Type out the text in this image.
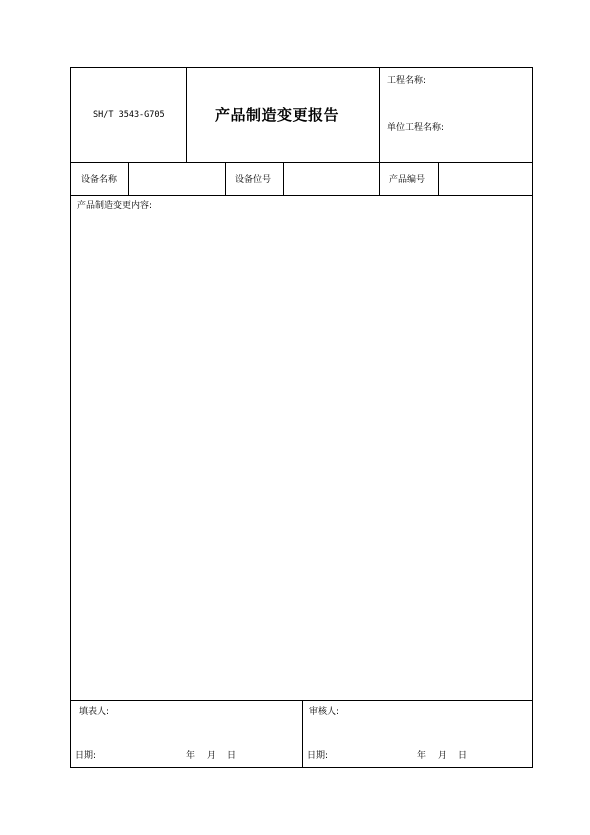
SH/T 3543-G705	产品制造变更报告
工程名称:
单位工程名称:
设备名称	设备位号	产品编号
产品制造变更内容:
填表人:
日期:	年 月 日
审核人:
日期:	年 月 日
